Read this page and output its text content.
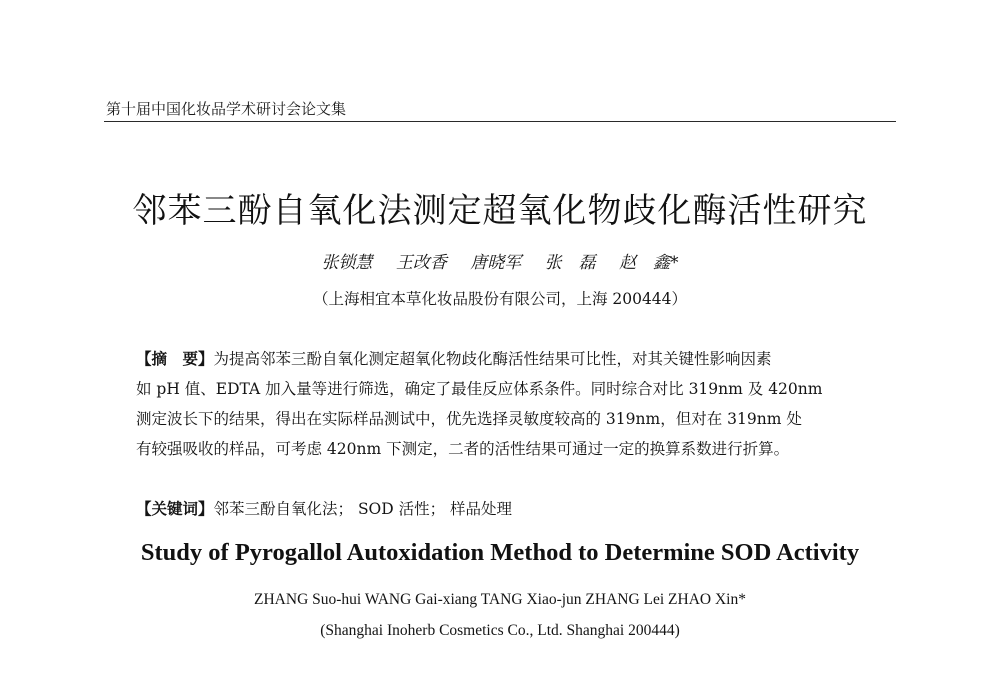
第十届中国化妆品学术研讨会论文集
邻苯三酚自氧化法测定超氧化物歧化酶活性研究
张锁慧 王改香 唐晓军 张　磊 赵　鑫*
（上海相宜本草化妆品股份有限公司，上海 200444）
【摘　要】为提高邻苯三酚自氧化测定超氧化物歧化酶活性结果可比性，对其关键性影响因素
如 pH 值、EDTA 加入量等进行筛选，确定了最佳反应体系条件。同时综合对比 319nm 及 420nm
测定波长下的结果，得出在实际样品测试中，优先选择灵敏度较高的 319nm，但对在 319nm 处
有较强吸收的样品，可考虑 420nm 下测定，二者的活性结果可通过一定的换算系数进行折算。
【关键词】邻苯三酚自氧化法； SOD 活性； 样品处理
Study of Pyrogallol Autoxidation Method to Determine SOD Activity
ZHANG Suo-hui WANG Gai-xiang TANG Xiao-jun ZHANG Lei ZHAO Xin*
(Shanghai Inoherb Cosmetics Co., Ltd. Shanghai 200444)
